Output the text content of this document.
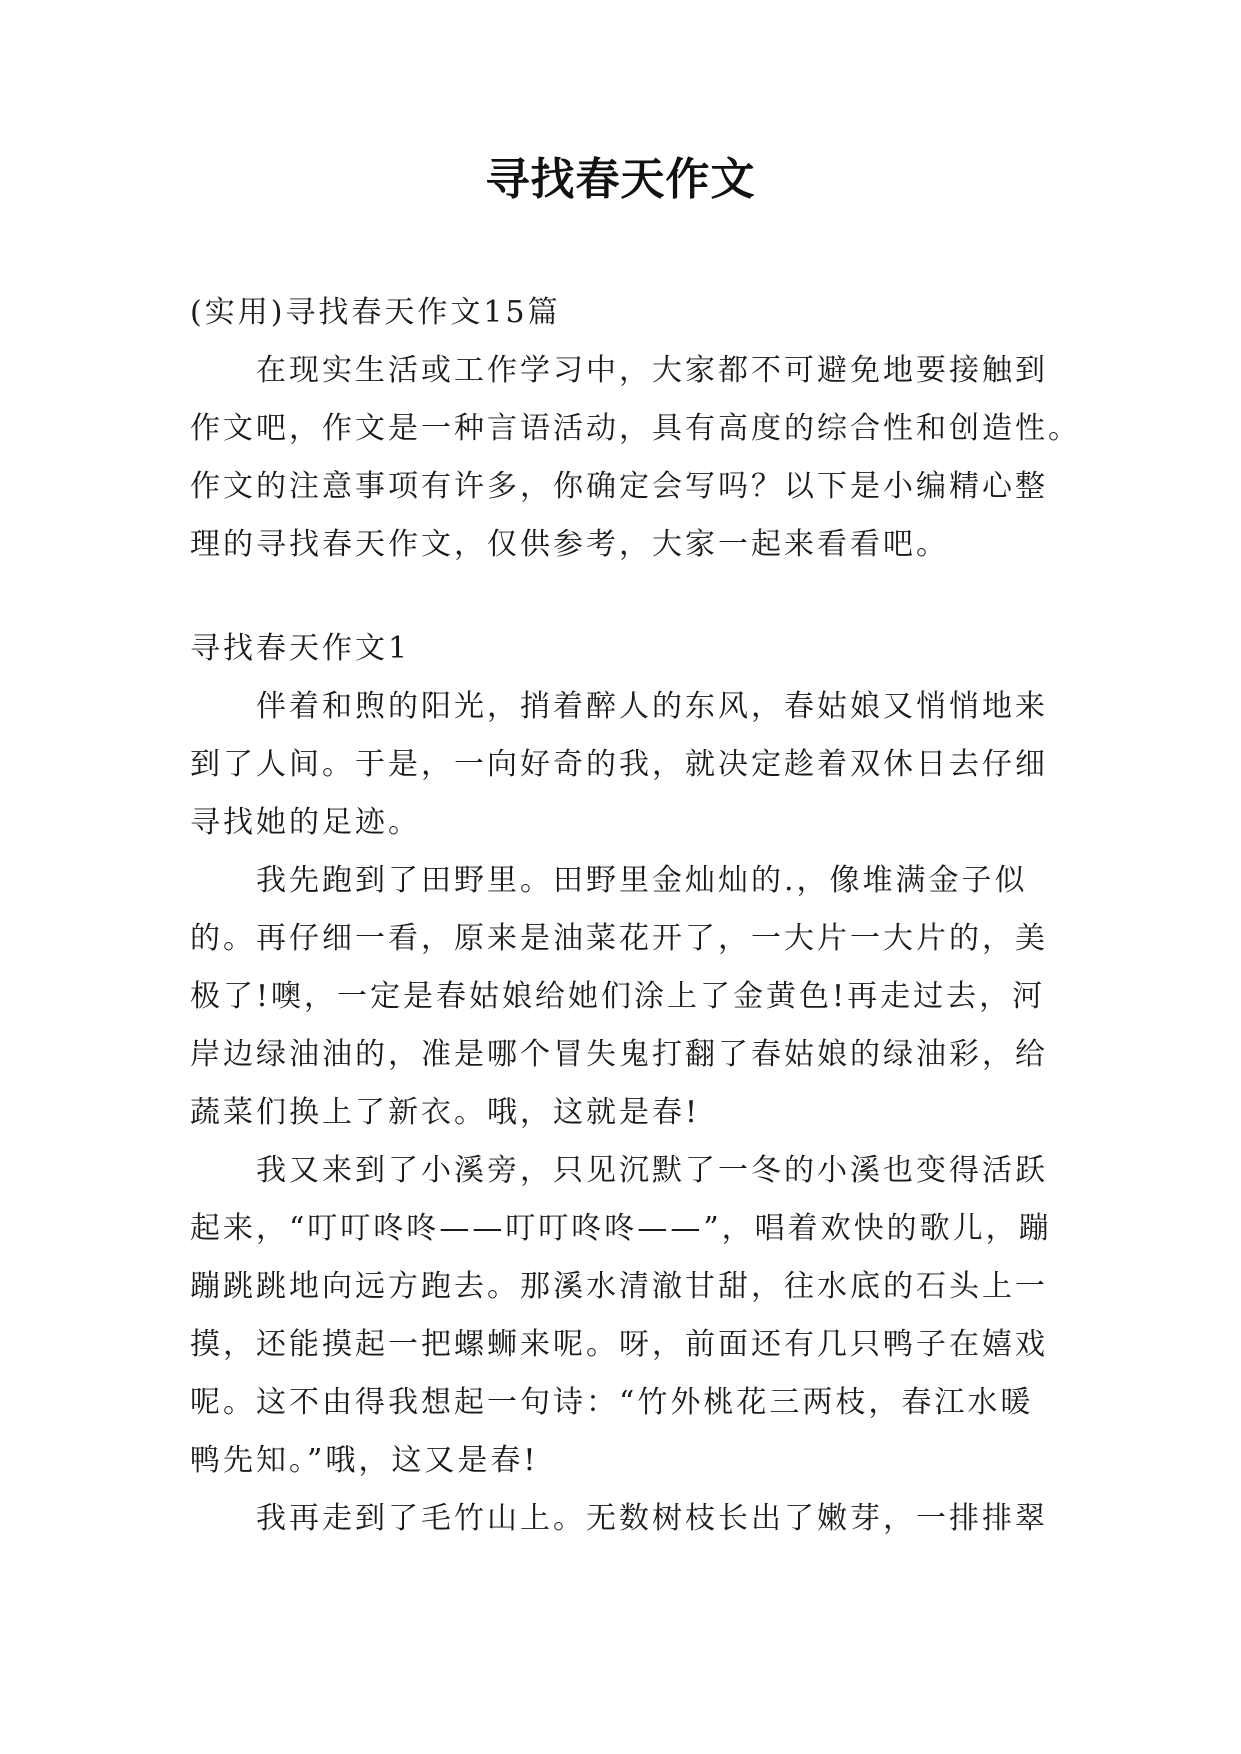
寻找春天作文
(实用)寻找春天作文15篇
　　在现实生活或工作学习中，大家都不可避免地要接触到
作文吧，作文是一种言语活动，具有高度的综合性和创造性。
作文的注意事项有许多，你确定会写吗？以下是小编精心整
理的寻找春天作文，仅供参考，大家一起来看看吧。
寻找春天作文1
　　伴着和煦的阳光，捎着醉人的东风，春姑娘又悄悄地来
到了人间。于是，一向好奇的我，就决定趁着双休日去仔细
寻找她的足迹。
　　我先跑到了田野里。田野里金灿灿的.，像堆满金子似
的。再仔细一看，原来是油菜花开了，一大片一大片的，美
极了!噢，一定是春姑娘给她们涂上了金黄色!再走过去，河
岸边绿油油的，准是哪个冒失鬼打翻了春姑娘的绿油彩，给
蔬菜们换上了新衣。哦，这就是春!
　　我又来到了小溪旁，只见沉默了一冬的小溪也变得活跃
起来，“叮叮咚咚——叮叮咚咚——”，唱着欢快的歌儿，蹦
蹦跳跳地向远方跑去。那溪水清澈甘甜，往水底的石头上一
摸，还能摸起一把螺蛳来呢。呀，前面还有几只鸭子在嬉戏
呢。这不由得我想起一句诗：“竹外桃花三两枝，春江水暖
鸭先知。”哦，这又是春!
　　我再走到了毛竹山上。无数树枝长出了嫩芽，一排排翠
